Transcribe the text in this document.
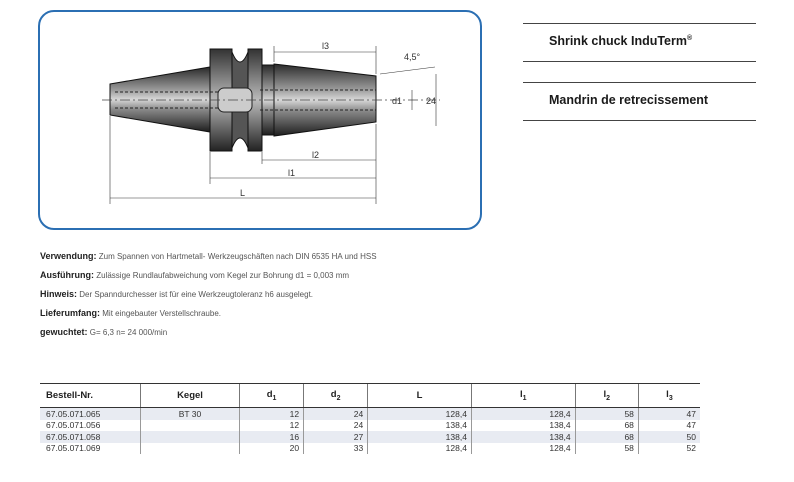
l3
4,5°
d1	24
l2
l1
L
Shrink chuck InduTerm®
Mandrin de retrecissement
Verwendung: Zum Spannen von Hartmetall- Werkzeugschäften nach DIN 6535 HA und HSS
Ausführung: Zulässige Rundlaufabweichung vom Kegel zur Bohrung d1 = 0,003 mm
Hinweis: Der Spanndurchesser ist für eine Werkzeugtoleranz h6 ausgelegt.
Lieferumfang: Mit eingebauter Verstellschraube.
gewuchtet: G= 6,3 n= 24 000/min
Bestell-Nr.	Kegel	$d_1$	$d_2$	L	$l_1$	$l_2$	$l_3$
67.05.071.065	BT 30	12	24	128,4	128,4	58	47
67.05.071.056		12	24	138,4	138,4	68	47
67.05.071.058		16	27	138,4	138,4	68	50
67.05.071.069		20	33	128,4	128,4	58	52
